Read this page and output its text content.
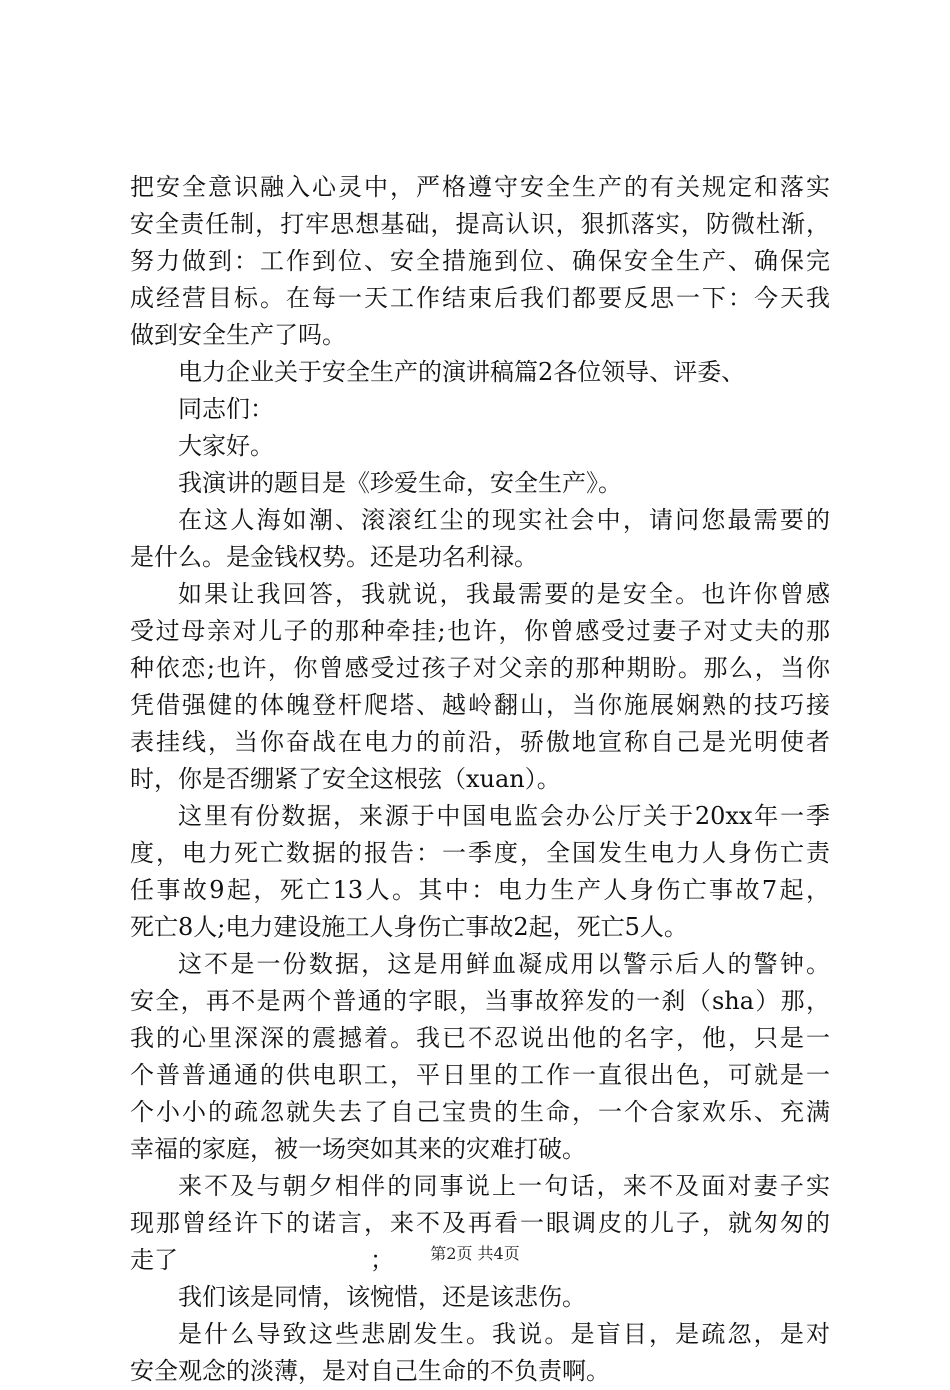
把安全意识融入心灵中，严格遵守安全生产的有关规定和落实
安全责任制，打牢思想基础，提高认识，狠抓落实，防微杜渐，
努力做到：工作到位、安全措施到位、确保安全生产、确保完
成经营目标。在每一天工作结束后我们都要反思一下：今天我
做到安全生产了吗。
电力企业关于安全生产的演讲稿篇2各位领导、评委、
同志们：
大家好。
我演讲的题目是《珍爱生命，安全生产》。
在这人海如潮、滚滚红尘的现实社会中，请问您最需要的
是什么。是金钱权势。还是功名利禄。
如果让我回答，我就说，我最需要的是安全。也许你曾感
受过母亲对儿子的那种牵挂;也许，你曾感受过妻子对丈夫的那
种依恋;也许，你曾感受过孩子对父亲的那种期盼。那么，当你
凭借强健的体魄登杆爬塔、越岭翻山，当你施展娴熟的技巧接
表挂线，当你奋战在电力的前沿，骄傲地宣称自己是光明使者
时，你是否绷紧了安全这根弦（xuan）。
这里有份数据，来源于中国电监会办公厅关于20xx年一季
度，电力死亡数据的报告：一季度，全国发生电力人身伤亡责
任事故9起，死亡13人。其中：电力生产人身伤亡事故7起，
死亡8人;电力建设施工人身伤亡事故2起，死亡5人。
这不是一份数据，这是用鲜血凝成用以警示后人的警钟。
安全，再不是两个普通的字眼，当事故猝发的一刹（sha）那，
我的心里深深的震撼着。我已不忍说出他的名字，他，只是一
个普普通通的供电职工，平日里的工作一直很出色，可就是一
个小小的疏忽就失去了自己宝贵的生命，一个合家欢乐、充满
幸福的家庭，被一场突如其来的灾难打破。
来不及与朝夕相伴的同事说上一句话，来不及面对妻子实
现那曾经许下的诺言，来不及再看一眼调皮的儿子，就匆匆的
走了　　　　　　　　；
我们该是同情，该惋惜，还是该悲伤。
是什么导致这些悲剧发生。我说。是盲目，是疏忽，是对
安全观念的淡薄，是对自己生命的不负责啊。
第2页 共4页
